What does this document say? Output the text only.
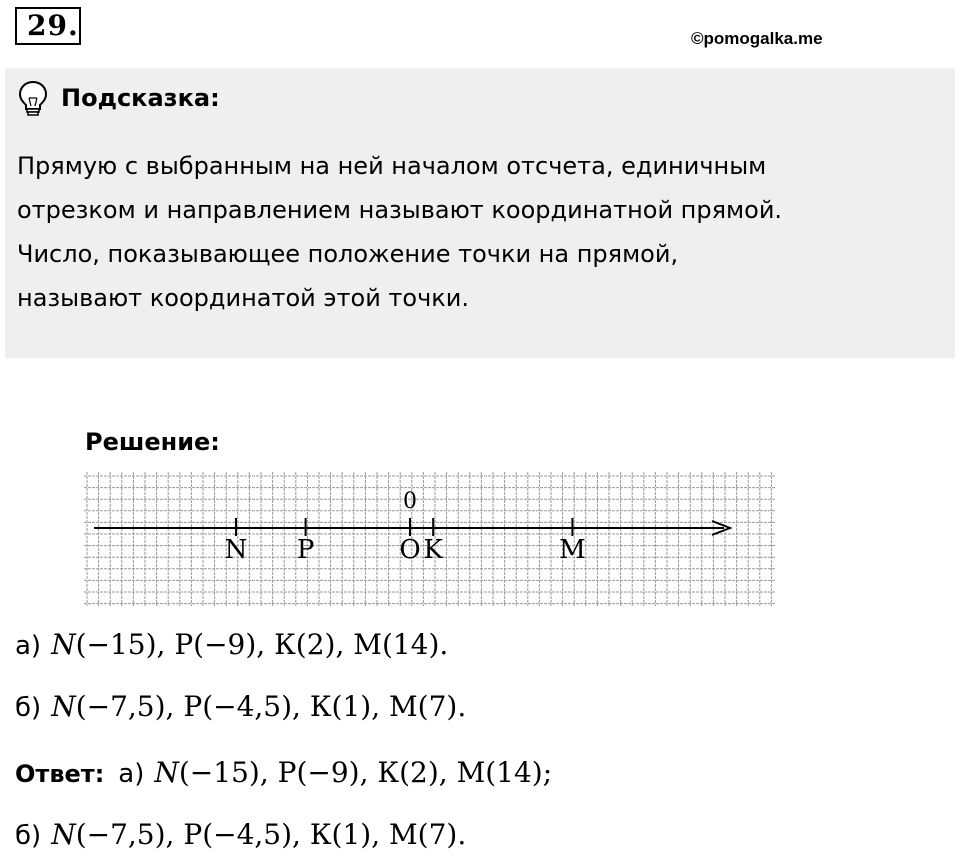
29.	©pomogalka.me
Подсказка:
Прямую с выбранным на ней началом отсчета, единичным
отрезком и направлением называют координатной прямой.
Число, показывающее положение точки на прямой,
называют координатой этой точки.
Решение:
N P	O K	M
0
а) N(−15), Р(−9), К(2), М(14).
б) N(−7,5), Р(−4,5), К(1), М(7).
Ответ: а) N(−15), Р(−9), К(2), М(14);
б) N(−7,5), Р(−4,5), К(1), М(7).
